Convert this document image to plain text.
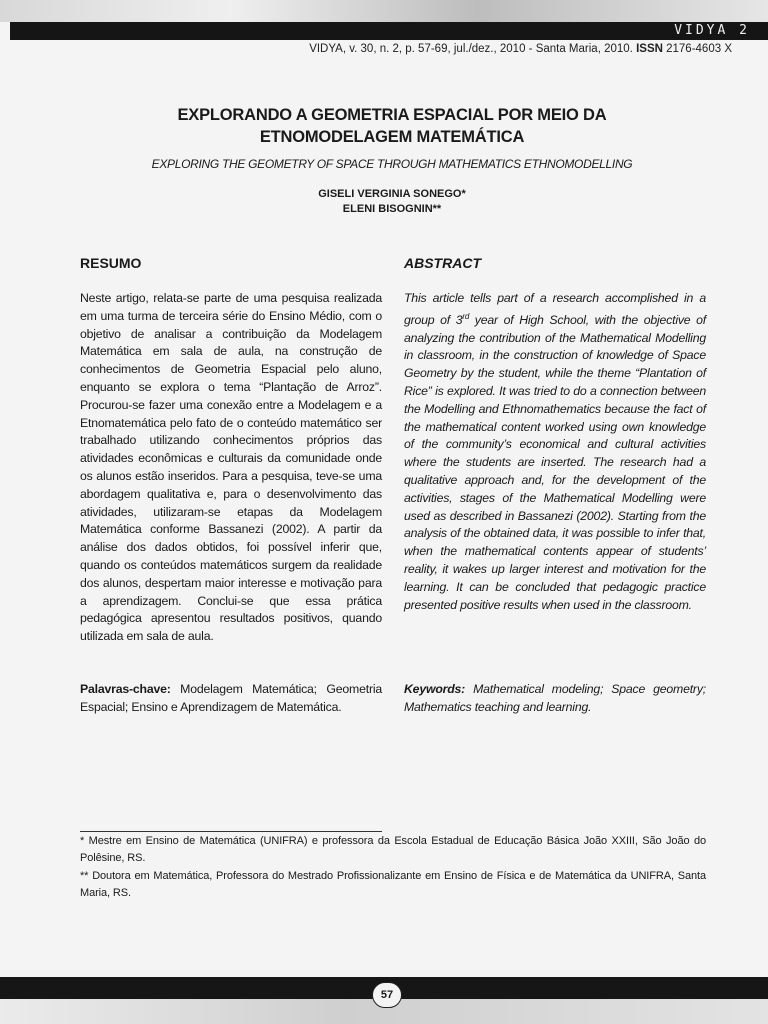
VIDYA 2
VIDYA, v. 30, n. 2, p. 57-69, jul./dez., 2010 - Santa Maria, 2010. ISSN 2176-4603 X
EXPLORANDO A GEOMETRIA ESPACIAL POR MEIO DA
ETNOMODELAGEM MATEMÁTICA
EXPLORING THE GEOMETRY OF SPACE THROUGH MATHEMATICS ETHNOMODELLING
GISELI VERGINIA SONEGO*
ELENI BISOGNIN**
RESUMO	ABSTRACT
Neste artigo, relata-se parte de uma pesquisa realizada em uma turma de terceira série do Ensino Médio, com o objetivo de analisar a contribuição da Modelagem Matemática em sala de aula, na construção de conhecimentos de Geometria Espacial pelo aluno, enquanto se explora o tema “Plantação de Arroz”. Procurou-se fazer uma conexão entre a Modelagem e a Etnomatemática pelo fato de o conteúdo matemático ser trabalhado utilizando conhecimentos próprios das atividades econômicas e culturais da comunidade onde os alunos estão inseridos. Para a pesquisa, teve-se uma abordagem qualitativa e, para o desenvolvimento das atividades, utilizaram-se etapas da Modelagem Matemática conforme Bassanezi (2002). A partir da análise dos dados obtidos, foi possível inferir que, quando os conteúdos matemáticos surgem da realidade dos alunos, despertam maior interesse e motivação para a aprendizagem. Conclui-se que essa prática pedagógica apresentou resultados positivos, quando utilizada em sala de aula.
This article tells part of a research accomplished in a group of 3rd year of High School, with the objective of analyzing the contribution of the Mathematical Modelling in classroom, in the construction of knowledge of Space Geometry by the student, while the theme “Plantation of Rice” is explored. It was tried to do a connection between the Modelling and Ethnomathematics because the fact of the mathematical content worked using own knowledge of the community’s economical and cultural activities where the students are inserted. The research had a qualitative approach and, for the development of the activities, stages of the Mathematical Modelling were used as described in Bassanezi (2002). Starting from the analysis of the obtained data, it was possible to infer that, when the mathematical contents appear of students’ reality, it wakes up larger interest and motivation for the learning. It can be concluded that pedagogic practice presented positive results when used in the classroom.
Palavras-chave: Modelagem Matemática; Geometria Espacial; Ensino e Aprendizagem de Matemática.
Keywords: Mathematical modeling; Space geometry; Mathematics teaching and learning.

* Mestre em Ensino de Matemática (UNIFRA) e professora da Escola Estadual de Educação Básica João XXIII, São João do Polêsine, RS.

** Doutora em Matemática, Professora do Mestrado Profissionalizante em Ensino de Física e de Matemática da UNIFRA, Santa Maria, RS.

57
